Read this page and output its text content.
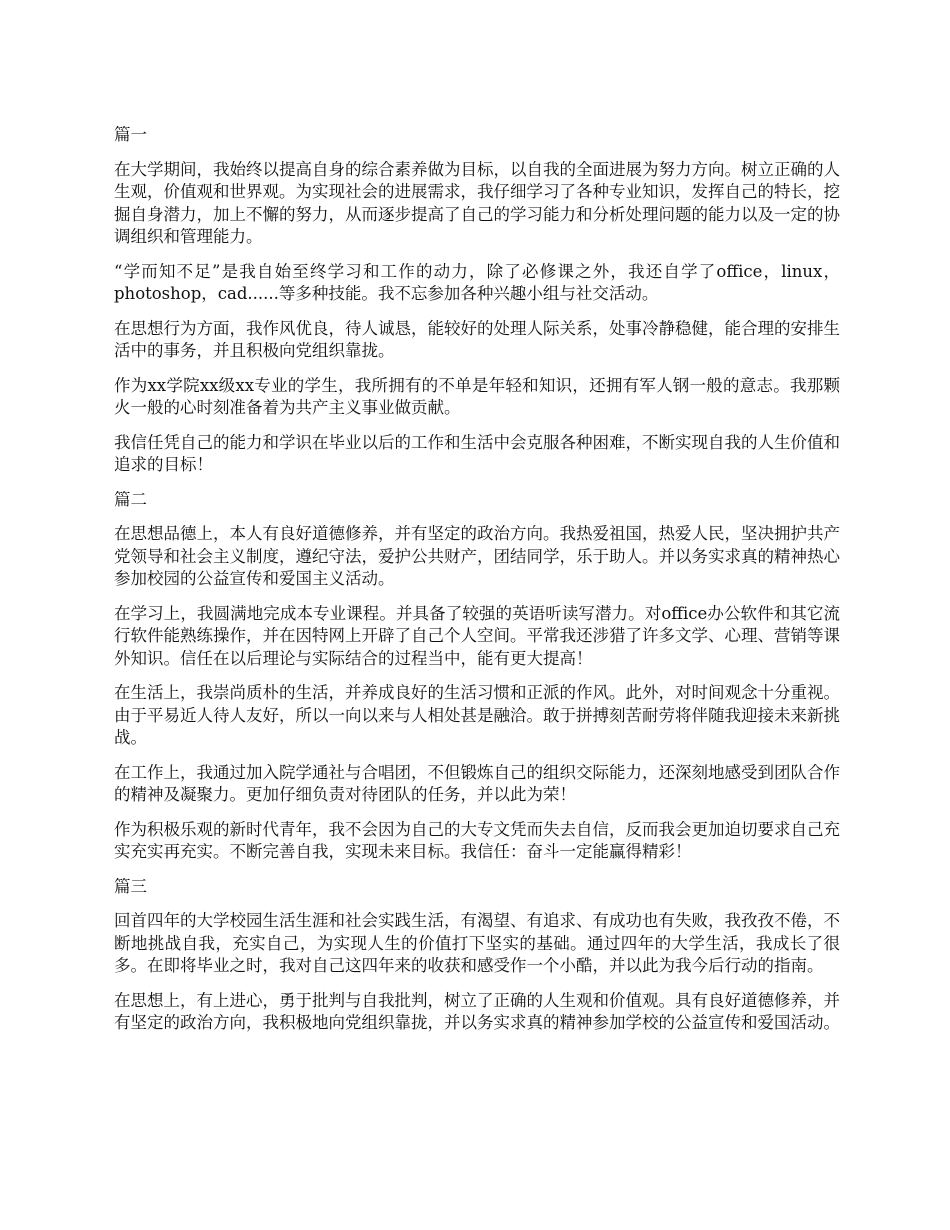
篇一

在大学期间，我始终以提高自身的综合素养做为目标，以自我的全面进展为努力方向。树立正确的人生观，价值观和世界观。为实现社会的进展需求，我仔细学习了各种专业知识，发挥自己的特长，挖掘自身潜力，加上不懈的努力，从而逐步提高了自己的学习能力和分析处理问题的能力以及一定的协调组织和管理能力。

“学而知不足”是我自始至终学习和工作的动力，除了必修课之外，我还自学了office，linux，photoshop，cad......等多种技能。我不忘参加各种兴趣小组与社交活动。

在思想行为方面，我作风优良，待人诚恳，能较好的处理人际关系，处事冷静稳健，能合理的安排生活中的事务，并且积极向党组织靠拢。

作为xx学院xx级xx专业的学生，我所拥有的不单是年轻和知识，还拥有军人钢一般的意志。我那颗火一般的心时刻准备着为共产主义事业做贡献。

我信任凭自己的能力和学识在毕业以后的工作和生活中会克服各种困难，不断实现自我的人生价值和追求的目标！

篇二

在思想品德上，本人有良好道德修养，并有坚定的政治方向。我热爱祖国，热爱人民，坚决拥护共产党领导和社会主义制度，遵纪守法，爱护公共财产，团结同学，乐于助人。并以务实求真的精神热心参加校园的公益宣传和爱国主义活动。

在学习上，我圆满地完成本专业课程。并具备了较强的英语听读写潜力。对office办公软件和其它流行软件能熟练操作，并在因特网上开辟了自己个人空间。平常我还涉猎了许多文学、心理、营销等课外知识。信任在以后理论与实际结合的过程当中，能有更大提高！

在生活上，我崇尚质朴的生活，并养成良好的生活习惯和正派的作风。此外，对时间观念十分重视。由于平易近人待人友好，所以一向以来与人相处甚是融洽。敢于拼搏刻苦耐劳将伴随我迎接未来新挑战。

在工作上，我通过加入院学通社与合唱团，不但锻炼自己的组织交际能力，还深刻地感受到团队合作的精神及凝聚力。更加仔细负责对待团队的任务，并以此为荣！

作为积极乐观的新时代青年，我不会因为自己的大专文凭而失去自信，反而我会更加迫切要求自己充实充实再充实。不断完善自我，实现未来目标。我信任：奋斗一定能赢得精彩！

篇三

回首四年的大学校园生活生涯和社会实践生活，有渴望、有追求、有成功也有失败，我孜孜不倦，不断地挑战自我，充实自己，为实现人生的价值打下坚实的基础。通过四年的大学生活，我成长了很多。在即将毕业之时，我对自己这四年来的收获和感受作一个小酷，并以此为我今后行动的指南。

在思想上，有上进心，勇于批判与自我批判，树立了正确的人生观和价值观。具有良好道德修养，并有坚定的政治方向，我积极地向党组织靠拢，并以务实求真的精神参加学校的公益宣传和爱国活动。
